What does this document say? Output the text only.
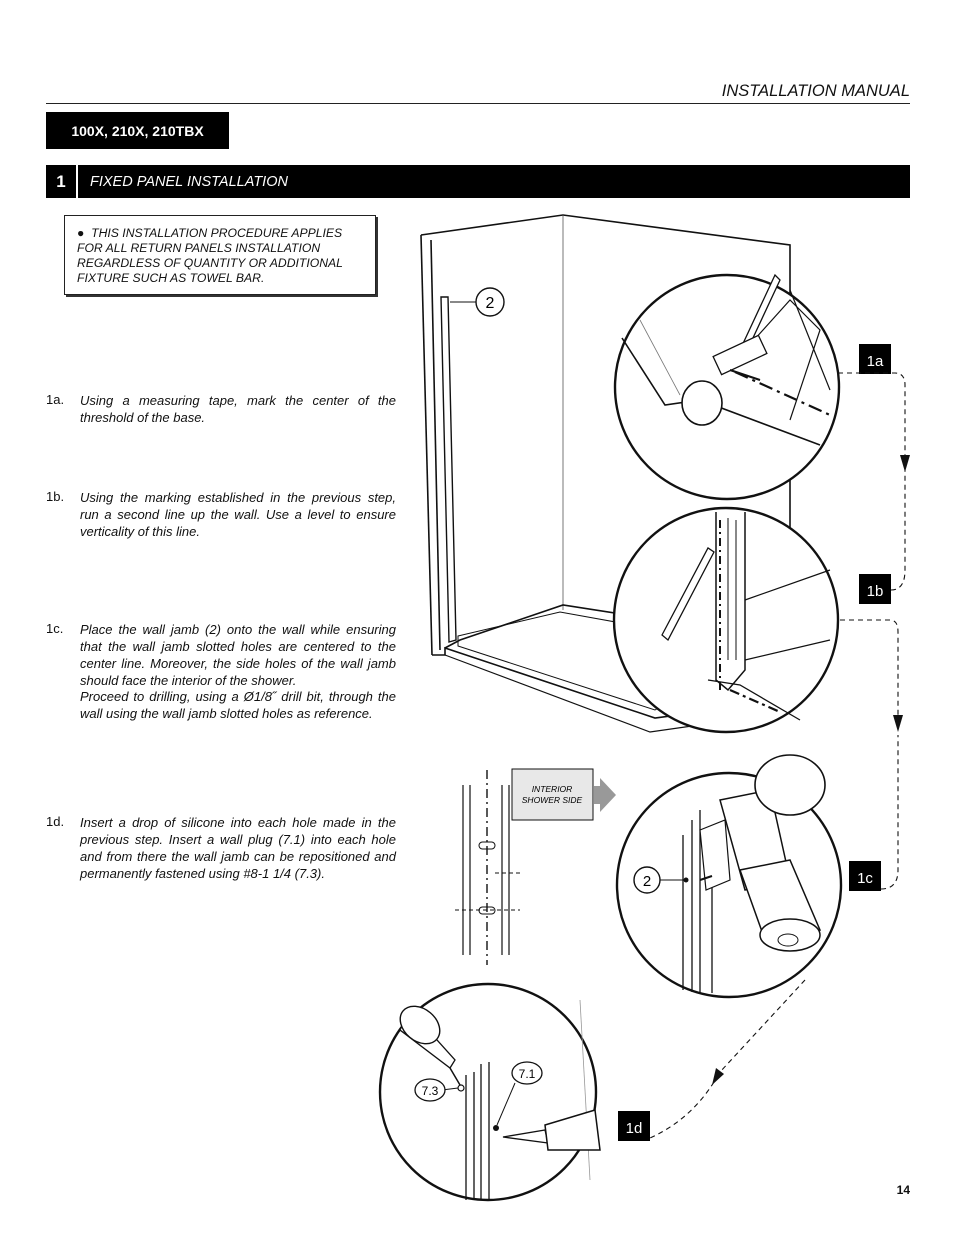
INSTALLATION MANUAL
100X, 210X, 210TBX
1	FIXED PANEL INSTALLATION
● THIS INSTALLATION PROCEDURE APPLIES FOR ALL RETURN PANELS INSTALLATION REGARDLESS OF QUANTITY OR ADDITIONAL FIXTURE SUCH AS TOWEL BAR.
1a. Using a measuring tape, mark the center of the threshold of the base.
1b. Using the marking established in the previous step, run a second line up the wall. Use a level to ensure verticality of this line.
1c. Place the wall jamb (2) onto the wall while ensuring that the wall jamb slotted holes are centered to the center line. Moreover, the side holes of the wall jamb should face the interior of the shower.
Proceed to drilling, using a Ø1/8˝ drill bit, through the wall using the wall jamb slotted holes as reference.
1d. Insert a drop of silicone into each hole made in the previous step. Insert a wall plug (7.1) into each hole and from there the wall jamb can be repositioned and permanently fastened using #8-1 1/4 (7.3).
2
INTERIOR
SHOWER SIDE
2
7.3
7.1
1a
1b
1c
1d
14
